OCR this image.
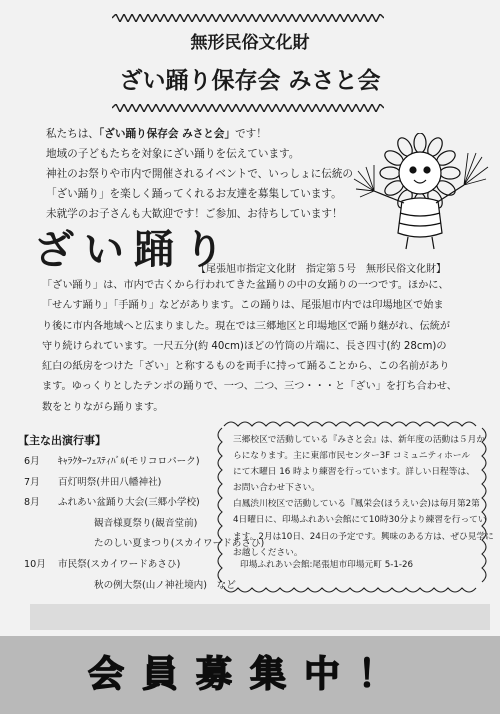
無形民俗文化財
ざい踊り保存会 みさと会
私たちは、「ざい踊り保存会 みさと会」です！
地域の子どもたちを対象にざい踊りを伝えています。
神社のお祭りや市内で開催されるイベントで、いっしょに伝統の
「ざい踊り」を楽しく踊ってくれるお友達を募集しています。
未就学のお子さんも大歓迎です！ご参加、お待ちしています！
ざい踊り
【尾張旭市指定文化財　指定第５号　無形民俗文化財】

「ざい踊り」は、市内で古くから行われてきた盆踊りの中の女踊りの一つです。ほかに、

「せんす踊り」「手踊り」などがあります。この踊りは、尾張旭市内では印場地区で始ま

り後に市内各地域へと広まりました。現在では三郷地区と印場地区で踊り継がれ、伝統が

守り続けられています。一尺五分(約 40cm)ほどの竹筒の片端に、長さ四寸(約 28cm)の

紅白の紙房をつけた「ざい」と称するものを両手に持って踊ることから、この名前があり

ます。ゆっくりとしたテンポの踊りで、一つ、二つ、三つ・・・と「ざい」を打ち合わせ、

数をとりながら踊ります。

【主な出演行事】
6月 ｷｬﾗｸﾀｰﾌｪｽﾃｨﾊﾞﾙ(モリコロパーク)
7月 百灯明祭(井田八幡神社)
8月 ふれあい盆踊り大会(三郷小学校)
観音様夏祭り(観音堂前)
たのしい夏まつり(スカイワードあさひ)
10月 市民祭(スカイワードあさひ)
秋の例大祭(山ノ神社境内)　など
三郷校区で活動している『みさと会』は、新年度の活動は５月か
らになります。主に東部市民センター3F コミュニティホール
にて木曜日 16 時より練習を行っています。詳しい日程等は、
お問い合わせ下さい。
白鳳渋川校区で活動している『鳳栄会(ほうえい会)は毎月第2第
4日曜日に、印場ふれあい会館にて10時30分より練習を行ってい
ます。2月は10日、24日の予定です。興味のある方は、ぜひ見学に
お越しください。
印場ふれあい会館:尾張旭市印場元町 5-1-26
会員募集中！
